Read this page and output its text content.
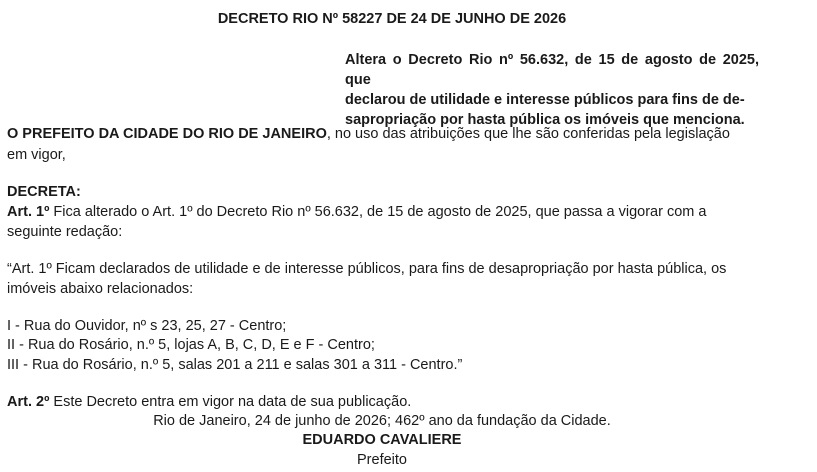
DECRETO RIO Nº 58227 DE 24 DE JUNHO DE 2026
Altera o Decreto Rio nº 56.632, de 15 de agosto de 2025, que
declarou de utilidade e interesse públicos para fins de de-
sapropriação por hasta pública os imóveis que menciona.
O PREFEITO DA CIDADE DO RIO DE JANEIRO, no uso das atribuições que lhe são conferidas pela legislação
em vigor,
DECRETA:
Art. 1º Fica alterado o Art. 1º do Decreto Rio nº 56.632, de 15 de agosto de 2025, que passa a vigorar com a
seguinte redação:
“Art. 1º Ficam declarados de utilidade e de interesse públicos, para fins de desapropriação por hasta pública, os
imóveis abaixo relacionados:
I - Rua do Ouvidor, nº s 23, 25, 27 - Centro;
II - Rua do Rosário, n.º 5, lojas A, B, C, D, E e F - Centro;
III - Rua do Rosário, n.º 5, salas 201 a 211 e salas 301 a 311 - Centro.”
Art. 2º Este Decreto entra em vigor na data de sua publicação.
Rio de Janeiro, 24 de junho de 2026; 462º ano da fundação da Cidade.
EDUARDO CAVALIERE
Prefeito
